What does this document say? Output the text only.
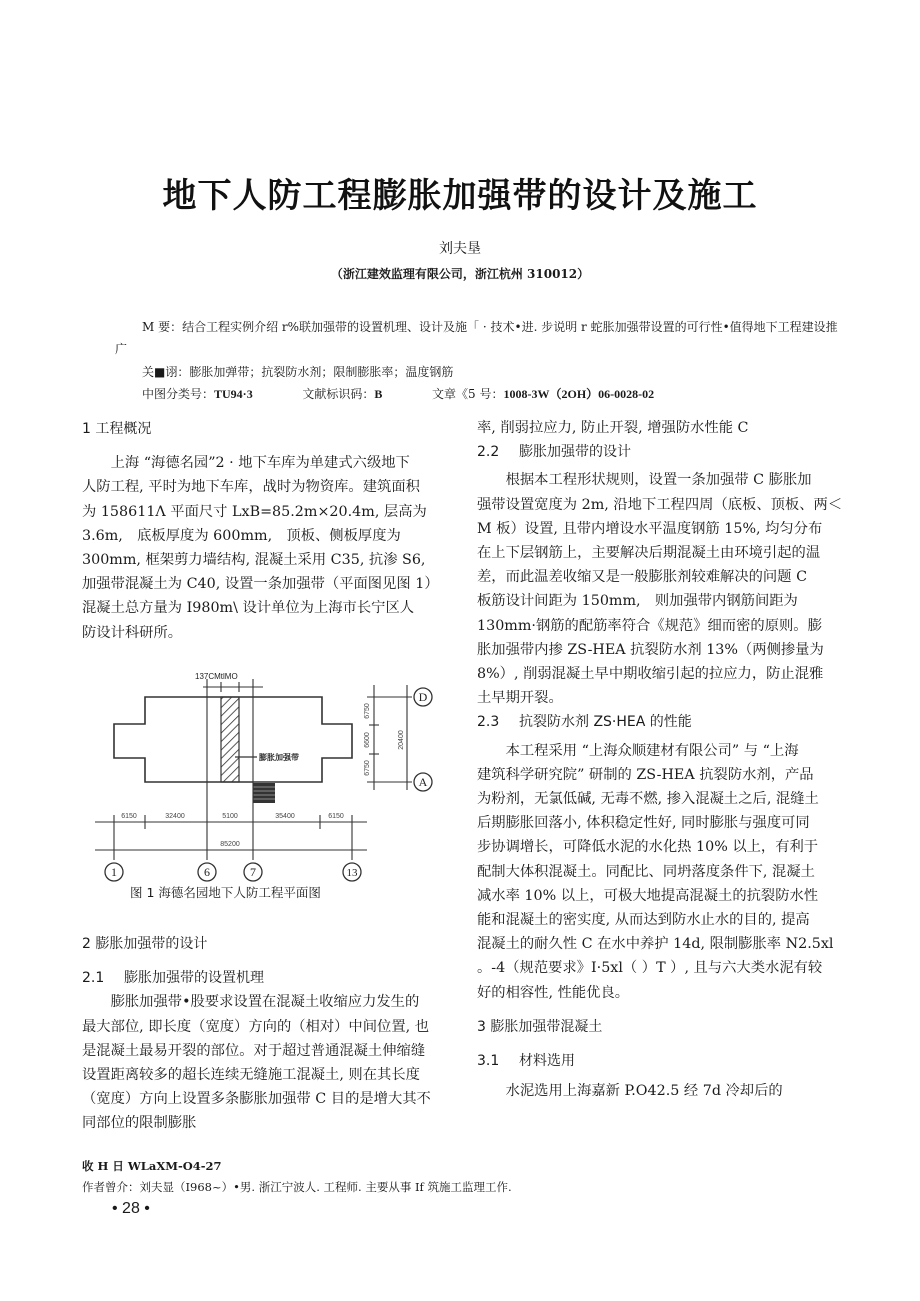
地下人防工程膨胀加强带的设计及施工
刘夫垦
（浙江建效监理有限公司，浙江杭州 310012）
M 要：结合工程实例介绍 r%联加强带的设置机理、设计及施「 · 技术•进. 步说明 r 蛇胀加强带设置的可行性•值得地下工程建设推
广
关■诩：膨胀加弹带；抗裂防水剂；限制膨胀率；温度钢筋
中图分类号：TU94·3	文献标识码：B	文章《5 号：1008-3W（2OH）06-0028-02

1 工程概况

上海 “海德名园”2 · 地下车库为单建式六级地下

人防工程, 平时为地下车库，战时为物资库。建筑面积

为 158611Λ 平面尺寸 LxB=85.2m×20.4m, 层高为

3.6m,　底板厚度为 600mm,　顶板、侧板厚度为

300mm, 框架剪力墙结构, 混凝土采用 C35, 抗渗 S6,

加强带混凝土为 C40, 设置一条加强带（平面图见图 1）

混凝土总方量为 I980m\ 设计单位为上海市长宁区人

防设计科研所。

1	6	7	13
D
A
6150	32400	5100	35400	6150
85200
6750
6600
6750
20400
137CMtlMO
膨胀加强带
图 1 海德名园地下人防工程平面图

2 膨胀加强带的设计

2.1 膨胀加强带的设置机理

膨胀加强带•股要求设置在混凝土收缩应力发生的

最大部位, 即长度（宽度）方向的（相对）中间位置, 也

是混凝土最易开裂的部位。对于超过普通混凝土伸缩缝

设置距离较多的超长连续无缝施工混凝土, 则在其长度

（宽度）方向上设置多条膨胀加强带 C 目的是增大其不

同部位的限制膨胀

率, 削弱拉应力, 防止开裂, 增强防水性能 C

2.2 膨胀加强带的设计

根据本工程形状规则，设置一条加强带 C 膨胀加

强带设置宽度为 2m, 沿地下工程四周（底板、顶板、两＜

M 板）设置, 且带内增设水平温度钢筋 15%, 均匀分布

在上下层钢筋上，主要解决后期混凝土由环境引起的温

差，而此温差收缩又是一般膨胀剂较难解决的问题 C

板筋设计间距为 150mm,　则加强带内钢筋间距为

130mm·钢筋的配筋率符合《规范》细而密的原则。膨

胀加强带内掺 ZS-HEA 抗裂防水剂 13%（两侧掺量为

8%）, 削弱混凝土早中期收缩引起的拉应力，防止混雅

土早期开裂。

2.3 抗裂防水剂 ZS·HEA 的性能

本工程采用 “上海众顺建材有限公司” 与 “上海

建筑科学研究院” 研制的 ZS-HEA 抗裂防水剂，产品

为粉剂，无氯低碱, 无毒不燃, 掺入混凝土之后, 混缝土

后期膨胀回落小, 体积稳定性好, 同时膨胀与强度可同

步协调增长，可降低水泥的水化热 10% 以上，有利于

配制大体积混凝土。同配比、同坍落度条件下, 混凝土

减水率 10% 以上，可极大地提高混凝土的抗裂防水性

能和混凝土的密实度, 从而达到防水止水的目的, 提高

混凝土的耐久性 C 在水中养护 14d, 限制膨胀率 N2.5xl

。-4（规范要求》I·5xl（ ）T ）, 且与六大类水泥有较

好的相容性, 性能优良。

3 膨胀加强带混凝土

3.1 材料选用

水泥选用上海嘉新 P.O42.5 经 7d 冷却后的

收 H 日 WLaXM-O4-27
作者曾介：刘夫显（I968~）•男. 浙江宁波人. 工程师. 主要从事 If 筑施工监理工作.
• 28 •
